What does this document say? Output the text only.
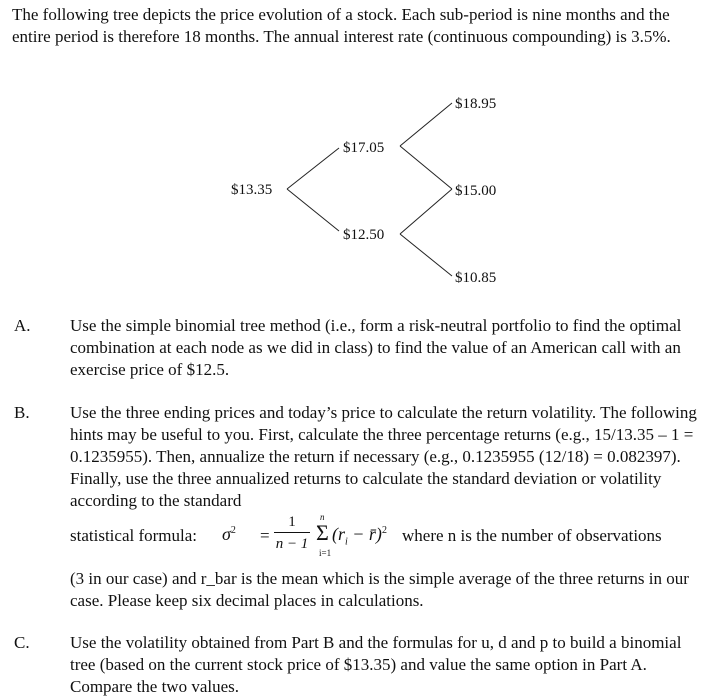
The following tree depicts the price evolution of a stock. Each sub-period is nine months and the entire period is therefore 18 months. The annual interest rate (continuous compounding) is 3.5%.
$13.35
$17.05
$12.50
$18.95
$15.00
$10.85
A. Use the simple binomial tree method (i.e., form a risk-neutral portfolio to find the optimal combination at each node as we did in class) to find the value of an American call with an exercise price of $12.5.
B. Use the three ending prices and today’s price to calculate the return volatility. The following hints may be useful to you. First, calculate the three percentage returns (e.g., 15/13.35 – 1 = 0.1235955). Then, annualize the return if necessary (e.g., 0.1235955 (12/18) = 0.082397). Finally, use the three annualized returns to calculate the standard deviation or volatility according to the standard
statistical formula: $\sigma^2$ =
1
n − 1
n
Σ
i=1
($r_i$ − r̄)$^2$ where n is the number of observations
(3 in our case) and r_bar is the mean which is the simple average of the three returns in our case. Please keep six decimal places in calculations.
C. Use the volatility obtained from Part B and the formulas for u, d and p to build a binomial tree (based on the current stock price of $13.35) and value the same option in Part A. Compare the two values.
